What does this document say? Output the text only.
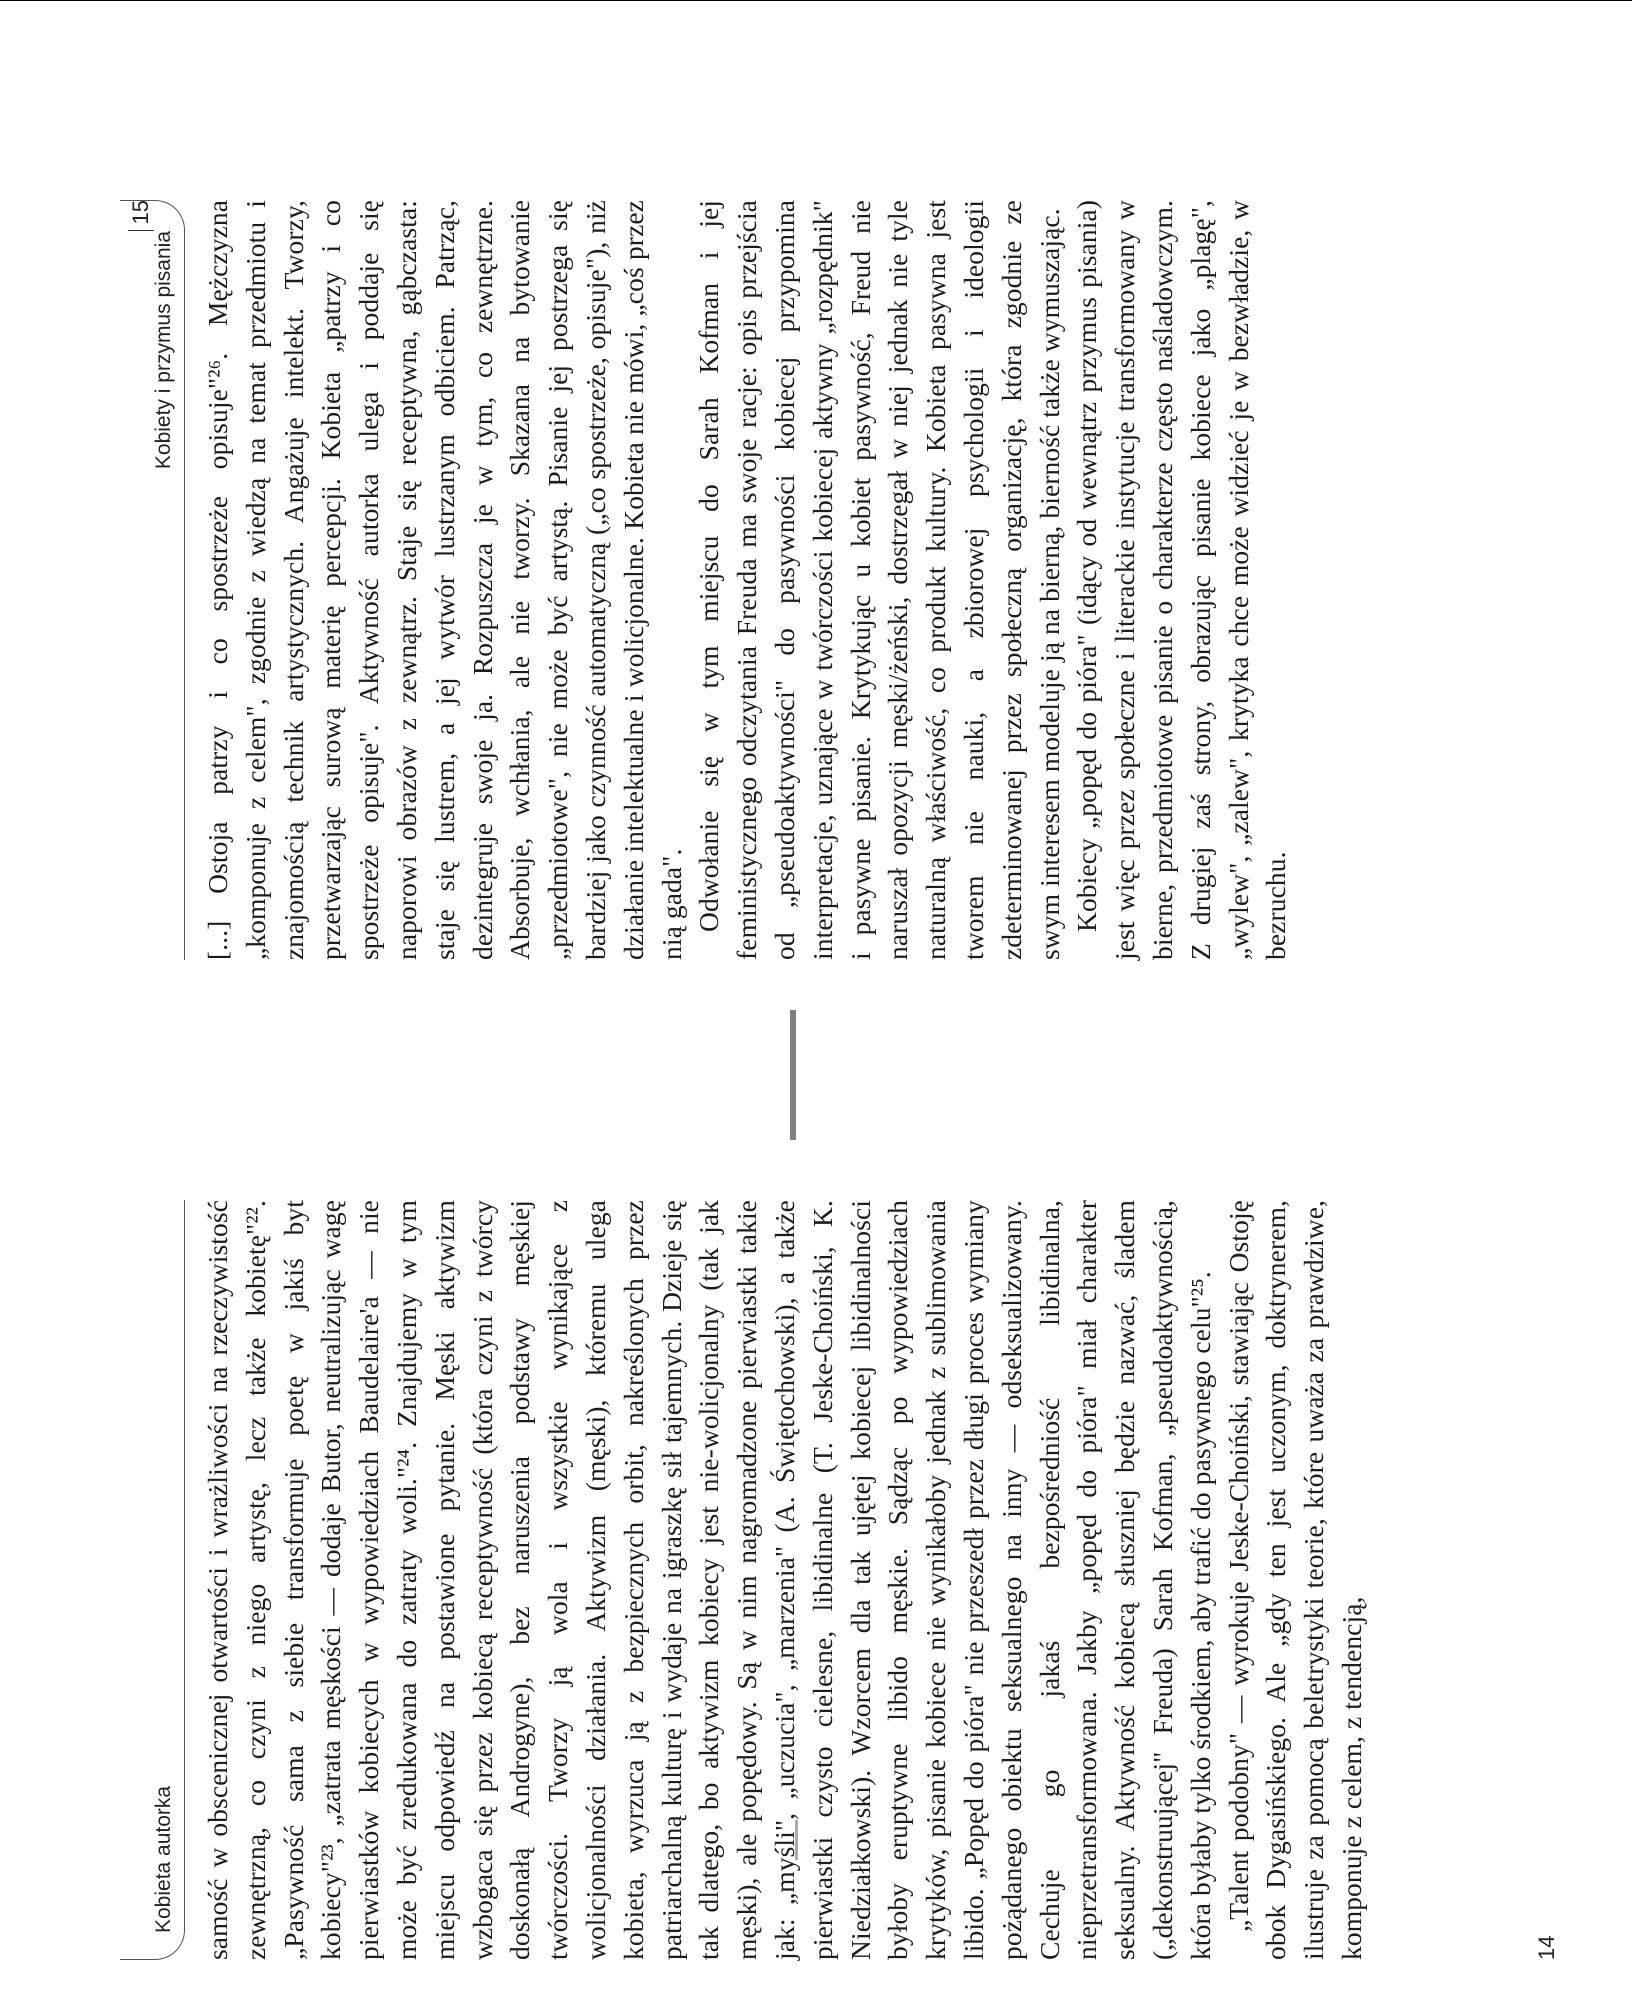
Kobiety i przymus pisania
15 [...] Ostoja patrzy i co spostrzeże opisuje"²⁶. Mężczyzna „komponuje z celem", zgodnie z wiedzą na temat przedmiotu i znajomością technik artystycznych. Angażuje intelekt. Tworzy, przetwarzając surową materię percepcji. Kobieta „patrzy i co spostrzeże opisuje". Aktywność autorka ulega i poddaje się naporowi obrazów z zewnątrz. Staje się receptywna, gąbczasta: staje się lustrem, a jej wytwór lustrzanym odbiciem. Patrząc, dezintegruje swoje ja. Rozpuszcza je w tym, co zewnętrzne. Absorbuje, wchłania, ale nie tworzy. Skazana na bytowanie „przedmiotowe", nie może być artystą. Pisanie jej postrzega się bardziej jako czynność automatyczną („co spostrzeże, opisuje"), niż działanie intelektualne i wolicjonalne. Kobieta nie mówi, „coś przez nią gada". Odwołanie się w tym miejscu do Sarah Kofman i jej feministycznego odczytania Freuda ma swoje racje: opis przejścia od „pseudoaktywności" do pasywności kobiecej przypomina interpretacje, uznające w twórczości kobiecej aktywny „rozpędnik" i pasywne pisanie. Krytykując u kobiet pasywność, Freud nie naruszał opozycji męski/żeński, dostrzegał w niej jednak nie tyle naturalną właściwość, co produkt kultury. Kobieta pasywna jest tworem nie nauki, a zbiorowej psychologii i ideologii zdeterminowanej przez społeczną organizację, która zgodnie ze swym interesem modeluje ją na bierną, bierność także wymuszając. Kobiecy „popęd do pióra" (idący od wewnątrz przymus pisania) jest więc przez społeczne i literackie instytucje transformowany w bierne, przedmiotowe pisanie o charakterze często naśladowczym. Z drugiej zaś strony, obrazując pisanie kobiece jako „plagę", „wylew", „zalew", krytyka chce może widzieć je w bezwładzie, w bezruchu.

Kobieta autorka samość w obscenicznej otwartości i wrażliwości na rzeczywistość zewnętrzną, co czyni z niego artystę, lecz także kobietę"²². „Pasywność sama z siebie transformuje poetę w jakiś byt kobiecy"²³, „zatrata męskości — dodaje Butor, neutralizując wagę pierwiastków kobiecych w wypowiedziach Baudelaire'a — nie może być zredukowana do zatraty woli."²⁴. Znajdujemy w tym miejscu odpowiedź na postawione pytanie. Męski aktywizm wzbogaca się przez kobiecą receptywność (która czyni z twórcy doskonałą Androgyne), bez naruszenia podstawy męskiej twórczości. Tworzy ją wola i wszystkie wynikające z wolicjonalności działania. Aktywizm (męski), któremu ulega kobieta, wyrzuca ją z bezpiecznych orbit, nakreślonych przez patriarchalną kulturę i wydaje na igraszkę sił tajemnych. Dzieje się tak dlatego, bo aktywizm kobiecy jest nie-wolicjonalny (tak jak męski), ale popędowy. Są w nim nagromadzone pierwiastki takie jak: „myśli", „uczucia", „marzenia" (A. Świętochowski), a także pierwiastki czysto cielesne, libidinalne (T. Jeske-Choiński, K. Niedziałkowski). Wzorcem dla tak ujętej kobiecej libidinalności byłoby eruptywne libido męskie. Sądząc po wypowiedziach krytyków, pisanie kobiece nie wynikałoby jednak z sublimowania libido. „Popęd do pióra" nie przeszedł przez długi proces wymiany pożądanego obiektu seksualnego na inny — odseksualizowany. Cechuje go jakaś bezpośredniość libidinalna, nieprzetransformowana. Jakby „popęd do pióra" miał charakter seksualny. Aktywność kobiecą słuszniej będzie nazwać, śladem („dekonstruującej" Freuda) Sarah Kofman, „pseudoaktywnością, która byłaby tylko środkiem, aby trafić do pasywnego celu"²⁵. „Talent podobny" — wyrokuje Jeske-Choiński, stawiając Ostoję obok Dygasińskiego. Ale „gdy ten jest uczonym, doktrynerem, ilustruje za pomocą beletrystyki teorie, które uważa za prawdziwe, komponuje z celem, z tendencją,	14
